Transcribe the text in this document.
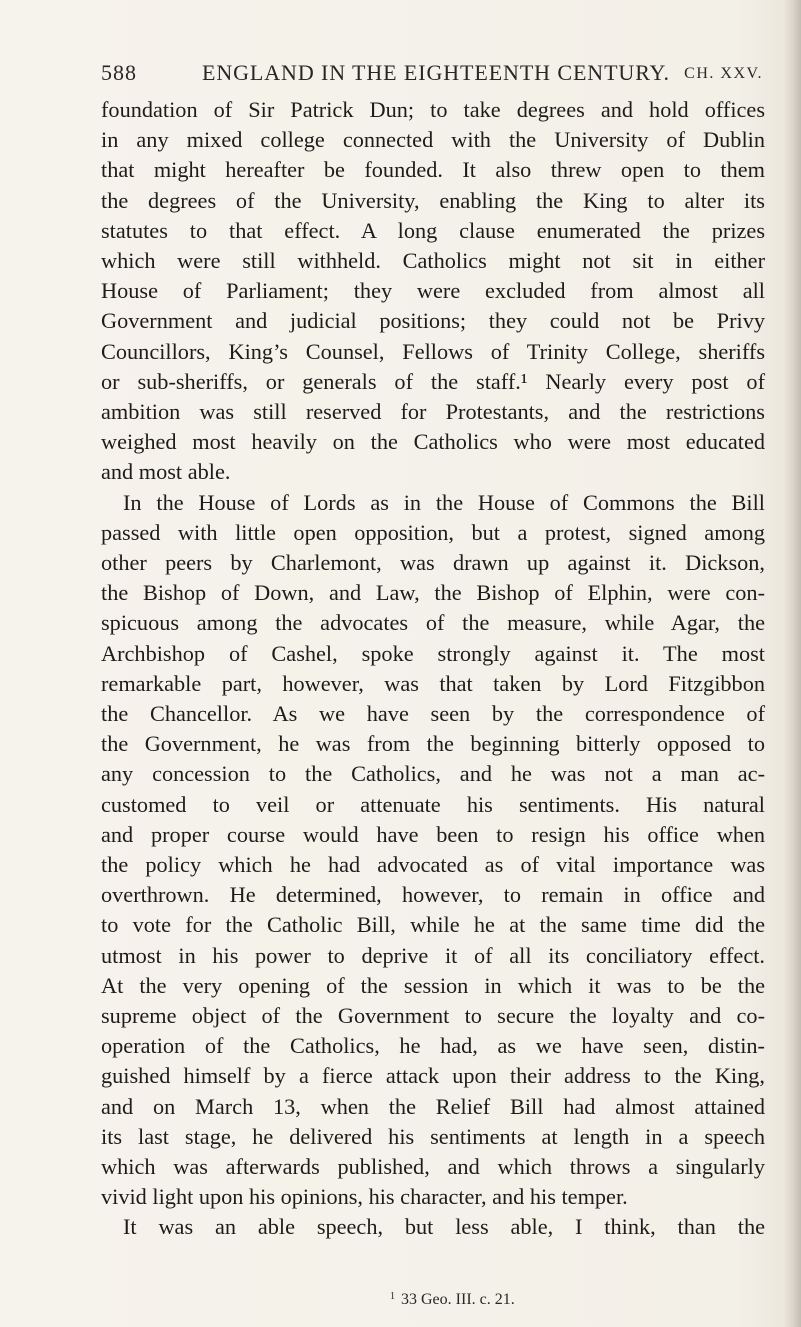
588	ENGLAND IN THE EIGHTEENTH CENTURY. CH. XXV.
foundation of Sir Patrick Dun; to take degrees and hold offices
in any mixed college connected with the University of Dublin
that might hereafter be founded. It also threw open to them
the degrees of the University, enabling the King to alter its
statutes to that effect. A long clause enumerated the prizes
which were still withheld. Catholics might not sit in either
House of Parliament; they were excluded from almost all
Government and judicial positions; they could not be Privy
Councillors, King’s Counsel, Fellows of Trinity College, sheriffs
or sub-sheriffs, or generals of the staff.¹ Nearly every post of
ambition was still reserved for Protestants, and the restrictions
weighed most heavily on the Catholics who were most educated
and most able.
In the House of Lords as in the House of Commons the Bill
passed with little open opposition, but a protest, signed among
other peers by Charlemont, was drawn up against it. Dickson,
the Bishop of Down, and Law, the Bishop of Elphin, were con-
spicuous among the advocates of the measure, while Agar, the
Archbishop of Cashel, spoke strongly against it. The most
remarkable part, however, was that taken by Lord Fitzgibbon
the Chancellor. As we have seen by the correspondence of
the Government, he was from the beginning bitterly opposed to
any concession to the Catholics, and he was not a man ac-
customed to veil or attenuate his sentiments. His natural
and proper course would have been to resign his office when
the policy which he had advocated as of vital importance was
overthrown. He determined, however, to remain in office and
to vote for the Catholic Bill, while he at the same time did the
utmost in his power to deprive it of all its conciliatory effect.
At the very opening of the session in which it was to be the
supreme object of the Government to secure the loyalty and co-
operation of the Catholics, he had, as we have seen, distin-
guished himself by a fierce attack upon their address to the King,
and on March 13, when the Relief Bill had almost attained
its last stage, he delivered his sentiments at length in a speech
which was afterwards published, and which throws a singularly
vivid light upon his opinions, his character, and his temper.
It was an able speech, but less able, I think, than the
$^1$ 33 Geo. III. c. 21.
